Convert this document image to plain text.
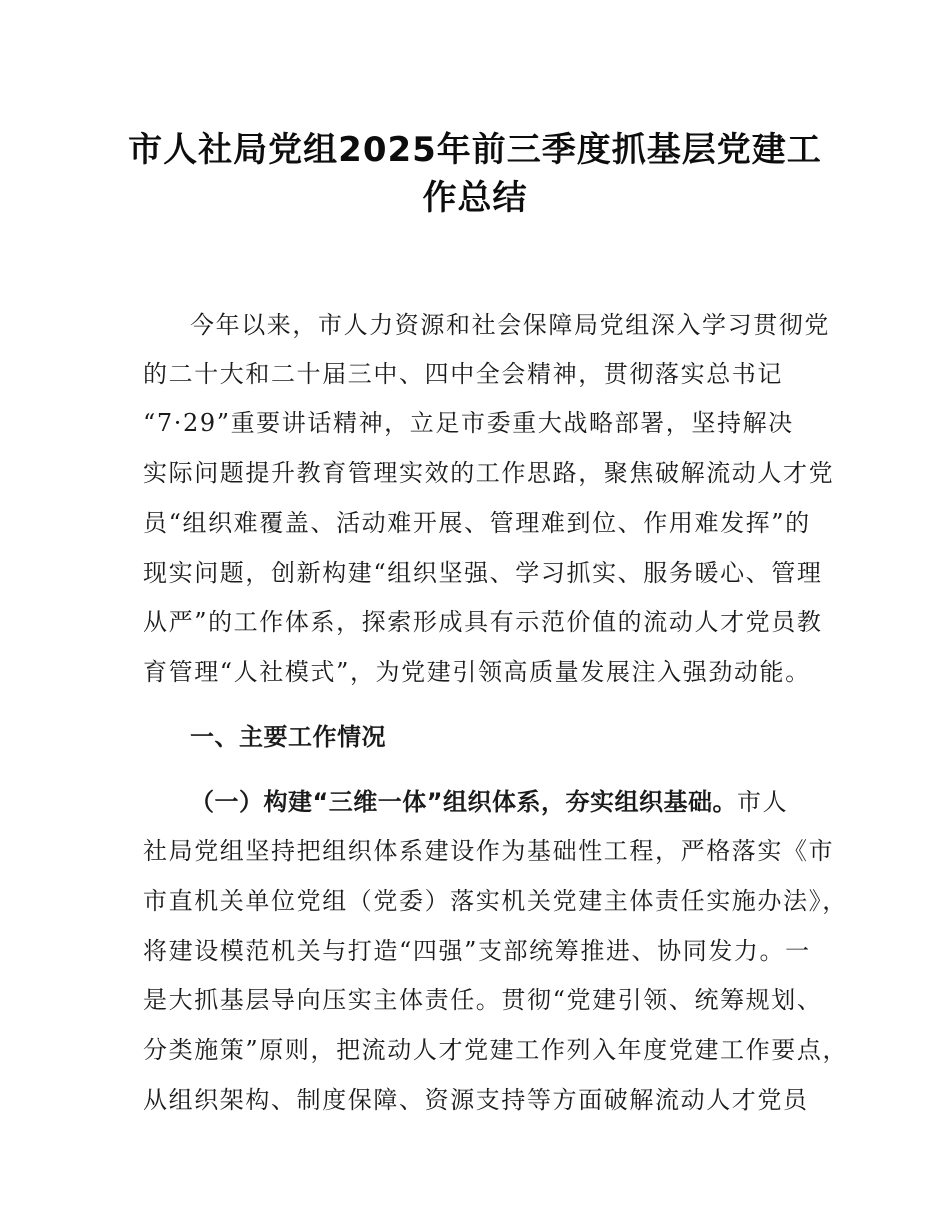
市人社局党组2025年前三季度抓基层党建工
作总结
今年以来，市人力资源和社会保障局党组深入学习贯彻党
的二十大和二十届三中、四中全会精神，贯彻落实总书记
“7·29”重要讲话精神，立足市委重大战略部署，坚持解决
实际问题提升教育管理实效的工作思路，聚焦破解流动人才党
员“组织难覆盖、活动难开展、管理难到位、作用难发挥”的
现实问题，创新构建“组织坚强、学习抓实、服务暖心、管理
从严”的工作体系，探索形成具有示范价值的流动人才党员教
育管理“人社模式”，为党建引领高质量发展注入强劲动能。
一、主要工作情况
（一）构建“三维一体”组织体系，夯实组织基础。市人
社局党组坚持把组织体系建设作为基础性工程，严格落实《市
市直机关单位党组（党委）落实机关党建主体责任实施办法》，
将建设模范机关与打造“四强”支部统筹推进、协同发力。一
是大抓基层导向压实主体责任。贯彻“党建引领、统筹规划、
分类施策”原则，把流动人才党建工作列入年度党建工作要点，
从组织架构、制度保障、资源支持等方面破解流动人才党员
